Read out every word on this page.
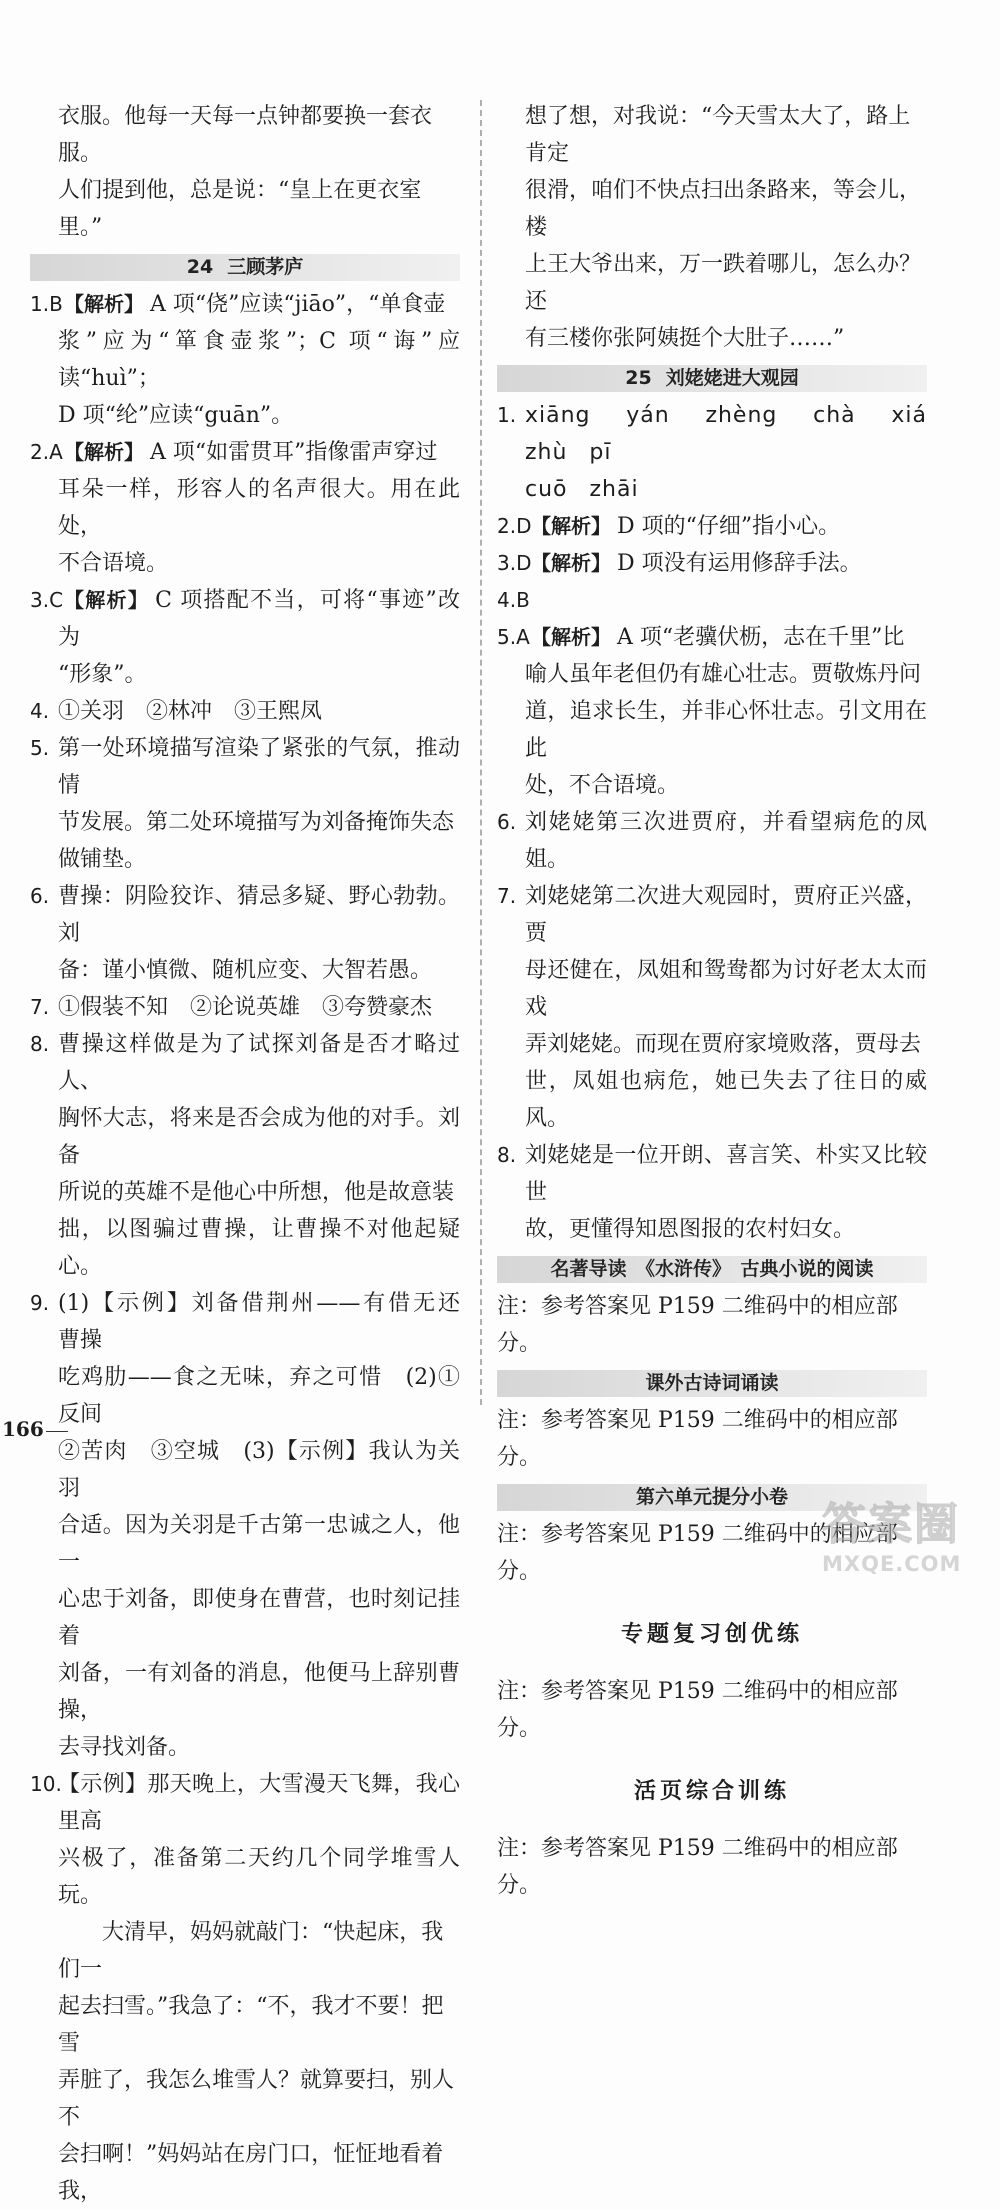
衣服。他每一天每一点钟都要换一套衣服。
人们提到他，总是说：“皇上在更衣室里。”
24 三顾茅庐
1.B 【解析】 A 项“侥”应读“jiāo”，“单食壶
浆”应为“箪食壶浆”；C 项“诲”应读“huì”；
D 项“纶”应读“guān”。
2.A 【解析】 A 项“如雷贯耳”指像雷声穿过
耳朵一样，形容人的名声很大。用在此处，
不合语境。
3.C 【解析】 C 项搭配不当，可将“事迹”改为
“形象”。
4. ①关羽　②林冲　③王熙凤
5. 第一处环境描写渲染了紧张的气氛，推动情
节发展。第二处环境描写为刘备掩饰失态
做铺垫。
6. 曹操：阴险狡诈、猜忌多疑、野心勃勃。刘
备：谨小慎微、随机应变、大智若愚。
7. ①假装不知　②论说英雄　③夸赞豪杰
8. 曹操这样做是为了试探刘备是否才略过人、
胸怀大志，将来是否会成为他的对手。刘备
所说的英雄不是他心中所想，他是故意装
拙，以图骗过曹操，让曹操不对他起疑心。
9. (1)【示例】刘备借荆州——有借无还　曹操
吃鸡肋——食之无味，弃之可惜　(2)①反间
②苦肉　③空城　(3)【示例】我认为关羽
合适。因为关羽是千古第一忠诚之人，他一
心忠于刘备，即使身在曹营，也时刻记挂着
刘备，一有刘备的消息，他便马上辞别曹操，
去寻找刘备。
10.
【示例】那天晚上，大雪漫天飞舞，我心里高
兴极了，准备第二天约几个同学堆雪人玩。
大清早，妈妈就敲门：“快起床，我们一
起去扫雪。”我急了：“不，我才不要！把雪
弄脏了，我怎么堆雪人？就算要扫，别人不
会扫啊！”妈妈站在房门口，怔怔地看着我，
166
想了想，对我说：“今天雪太大了，路上肯定
很滑，咱们不快点扫出条路来，等会儿，楼
上王大爷出来，万一跌着哪儿，怎么办？还
有三楼你张阿姨挺个大肚子……”
25 刘姥姥进大观园
1. xiāng yán zhèng chà xiá zhù pī
cuō zhāi
2.D 【解析】 D 项的“仔细”指小心。
3.D 【解析】 D 项没有运用修辞手法。
4.B

5.A 【解析】 A 项“老骥伏枥，志在千里”比
喻人虽年老但仍有雄心壮志。贾敬炼丹问
道，追求长生，并非心怀壮志。引文用在此
处，不合语境。
6. 刘姥姥第三次进贾府，并看望病危的凤姐。
7. 刘姥姥第二次进大观园时，贾府正兴盛，贾
母还健在，凤姐和鸳鸯都为讨好老太太而戏
弄刘姥姥。而现在贾府家境败落，贾母去
世，凤姐也病危，她已失去了往日的威风。
8. 刘姥姥是一位开朗、喜言笑、朴实又比较世
故，更懂得知恩图报的农村妇女。
名著导读　《水浒传》　古典小说的阅读
注：参考答案见 P159 二维码中的相应部分。
课外古诗词诵读
注：参考答案见 P159 二维码中的相应部分。
第六单元提分小卷
注：参考答案见 P159 二维码中的相应部分。
专题复习创优练
注：参考答案见 P159 二维码中的相应部分。
活页综合训练
注：参考答案见 P159 二维码中的相应部分。
答案圈
MXQE.COM
